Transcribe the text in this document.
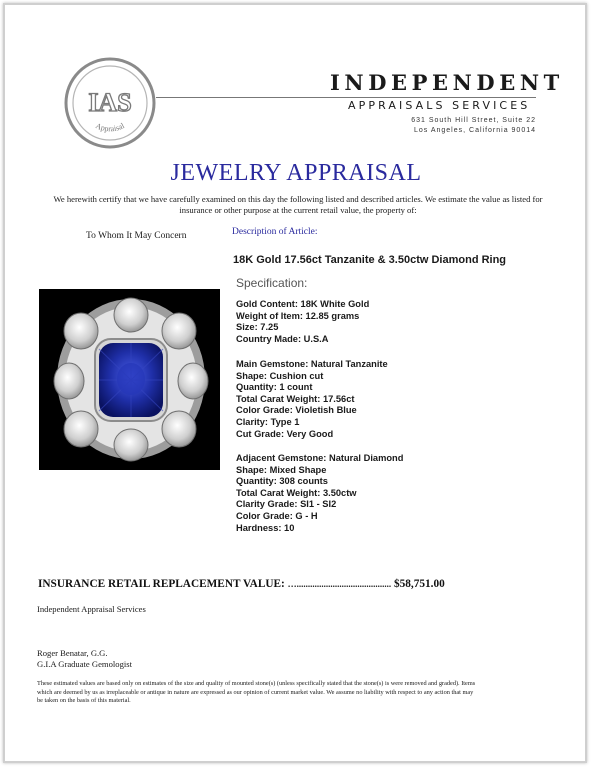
IAS
Appraisal
INDEPENDENT
APPRAISALS SERVICES
631 South Hill Street, Suite 22
Los Angeles, California 90014
JEWELRY APPRAISAL
We herewith certify that we have carefully examined on this day the following listed and described articles. We estimate the value as listed for insurance or other purpose at the current retail value, the property of:
To Whom It May Concern	Description of Article:
18K Gold 17.56ct Tanzanite & 3.50ctw Diamond Ring
Specification:
Gold Content: 18K White Gold
Weight of Item: 12.85 grams
Size: 7.25
Country Made: U.S.A
Main Gemstone: Natural Tanzanite
Shape: Cushion cut
Quantity: 1 count
Total Carat Weight: 17.56ct
Color Grade: Violetish Blue
Clarity: Type 1
Cut Grade: Very Good
Adjacent Gemstone: Natural Diamond
Shape: Mixed Shape
Quantity: 308 counts
Total Carat Weight: 3.50ctw
Clarity Grade: SI1 - SI2
Color Grade: G - H
Hardness: 10
INSURANCE RETAIL REPLACEMENT VALUE: ….......................................... $58,751.00
Independent Appraisal Services
Roger Benatar, G.G.
G.I.A Graduate Gemologist
These estimated values are based only on estimates of the size and quality of mounted stone(s) (unless specifically stated that the stone(s) is were removed and graded). Items which are deemed by us as irreplaceable or antique in nature are expressed as our opinion of current market value. We assume no liability with respect to any action that may be taken on the basis of this material.
